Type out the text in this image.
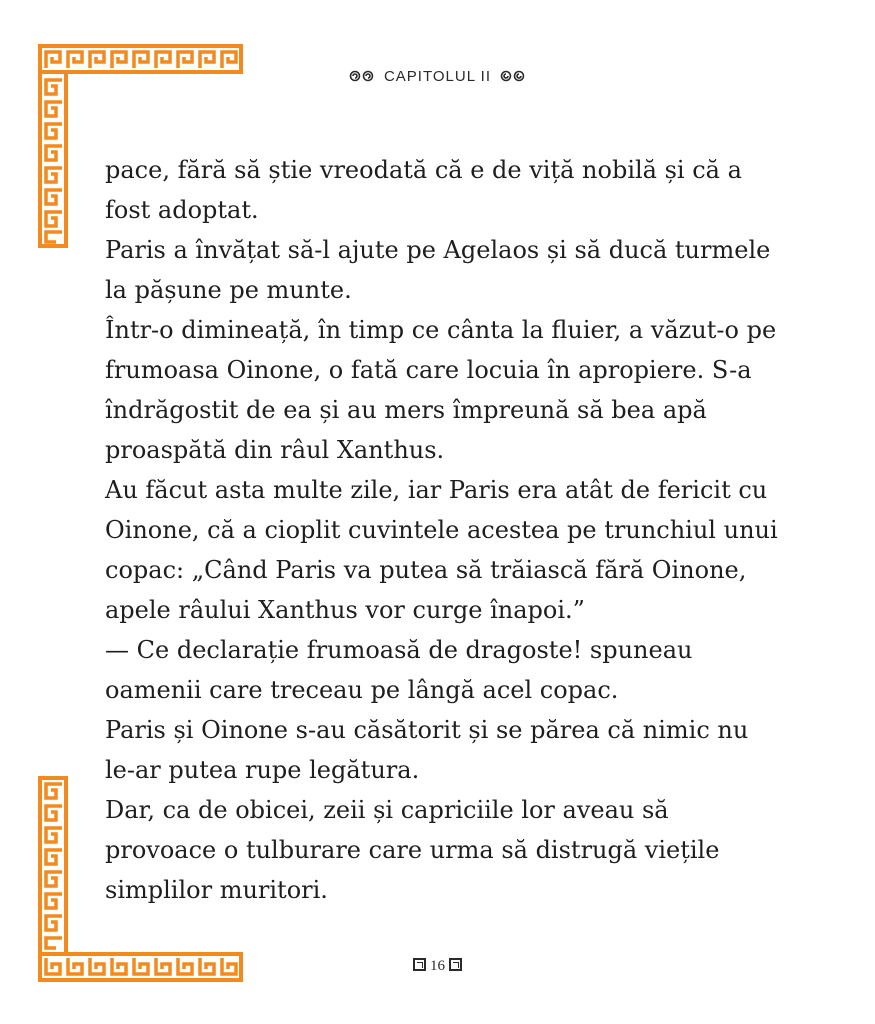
CAPITOLUL II

pace, fără să știe vreodată că e de viță nobilă și că a fost adoptat.

Paris a învățat să-l ajute pe Agelaos și să ducă turmele la pășune pe munte.

Într-o dimineață, în timp ce cânta la fluier, a văzut-o pe frumoasa Oinone, o fată care locuia în apropiere. S-a îndrăgostit de ea și au mers împreună să bea apă proaspătă din râul Xanthus.

Au făcut asta multe zile, iar Paris era atât de fericit cu Oinone, că a cioplit cuvintele acestea pe trunchiul unui copac: „Când Paris va putea să trăiască fără Oinone, apele râului Xanthus vor curge înapoi.”

— Ce declarație frumoasă de dragoste! spuneau oamenii care treceau pe lângă acel copac.

Paris și Oinone s-au căsătorit și se părea că nimic nu le-ar putea rupe legătura.

Dar, ca de obicei, zeii și capriciile lor aveau să provoace o tulburare care urma să distrugă viețile simplilor muritori.

16
